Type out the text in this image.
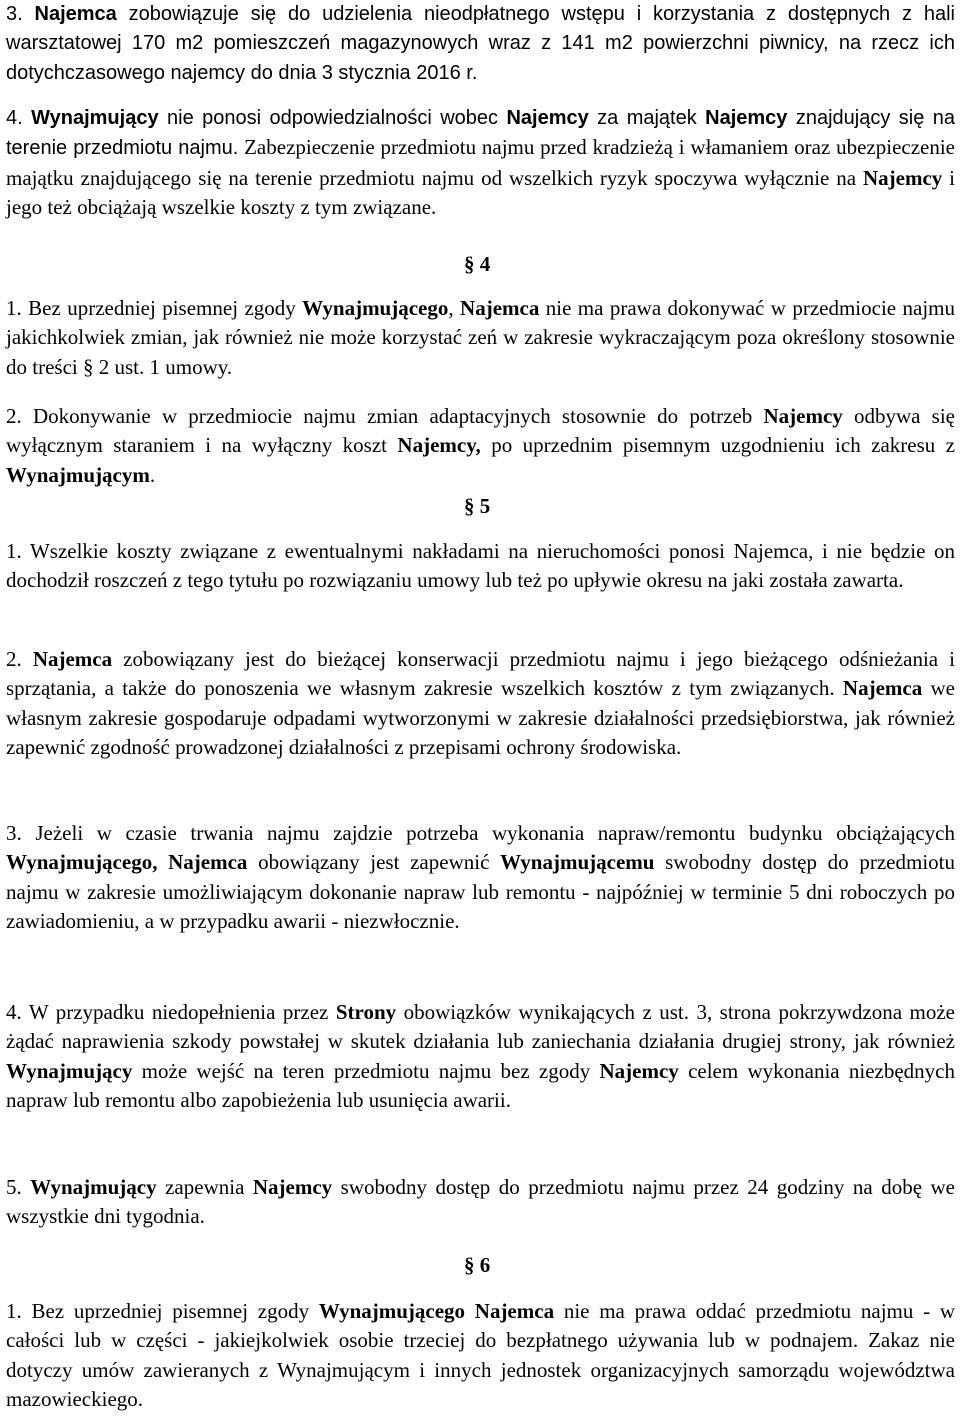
3. Najemca zobowiązuje się do udzielenia nieodpłatnego wstępu i korzystania z dostępnych z hali warsztatowej 170 m2 pomieszczeń magazynowych wraz z 141 m2 powierzchni piwnicy, na rzecz ich dotychczasowego najemcy do dnia 3 stycznia 2016 r.

4. Wynajmujący nie ponosi odpowiedzialności wobec Najemcy za majątek Najemcy znajdujący się na terenie przedmiotu najmu. Zabezpieczenie przedmiotu najmu przed kradzieżą i włamaniem oraz ubezpieczenie majątku znajdującego się na terenie przedmiotu najmu od wszelkich ryzyk spoczywa wyłącznie na Najemcy i jego też obciążają wszelkie koszty z tym związane.

§ 4

1. Bez uprzedniej pisemnej zgody Wynajmującego, Najemca nie ma prawa dokonywać w przedmiocie najmu jakichkolwiek zmian, jak również nie może korzystać zeń w zakresie wykraczającym poza określony stosownie do treści § 2 ust. 1 umowy.

2. Dokonywanie w przedmiocie najmu zmian adaptacyjnych stosownie do potrzeb Najemcy odbywa się wyłącznym staraniem i na wyłączny koszt Najemcy, po uprzednim pisemnym uzgodnieniu ich zakresu z Wynajmującym.

§ 5

1. Wszelkie koszty związane z ewentualnymi nakładami na nieruchomości ponosi Najemca, i nie będzie on dochodził roszczeń z tego tytułu po rozwiązaniu umowy lub też po upływie okresu na jaki została zawarta.

2. Najemca zobowiązany jest do bieżącej konserwacji przedmiotu najmu i jego bieżącego odśnieżania i sprzątania, a także do ponoszenia we własnym zakresie wszelkich kosztów z tym związanych. Najemca we własnym zakresie gospodaruje odpadami wytworzonymi w zakresie działalności przedsiębiorstwa, jak również zapewnić zgodność prowadzonej działalności z przepisami ochrony środowiska.

3. Jeżeli w czasie trwania najmu zajdzie potrzeba wykonania napraw/remontu budynku obciążających Wynajmującego, Najemca obowiązany jest zapewnić Wynajmującemu swobodny dostęp do przedmiotu najmu w zakresie umożliwiającym dokonanie napraw lub remontu - najpóźniej w terminie 5 dni roboczych po zawiadomieniu, a w przypadku awarii - niezwłocznie.

4. W przypadku niedopełnienia przez Strony obowiązków wynikających z ust. 3, strona pokrzywdzona może żądać naprawienia szkody powstałej w skutek działania lub zaniechania działania drugiej strony, jak również Wynajmujący może wejść na teren przedmiotu najmu bez zgody Najemcy celem wykonania niezbędnych napraw lub remontu albo zapobieżenia lub usunięcia awarii.

5. Wynajmujący zapewnia Najemcy swobodny dostęp do przedmiotu najmu przez 24 godziny na dobę we wszystkie dni tygodnia.

§ 6

1. Bez uprzedniej pisemnej zgody Wynajmującego Najemca nie ma prawa oddać przedmiotu najmu - w całości lub w części - jakiejkolwiek osobie trzeciej do bezpłatnego używania lub w podnajem. Zakaz nie dotyczy umów zawieranych z Wynajmującym i innych jednostek organizacyjnych samorządu województwa mazowieckiego.
